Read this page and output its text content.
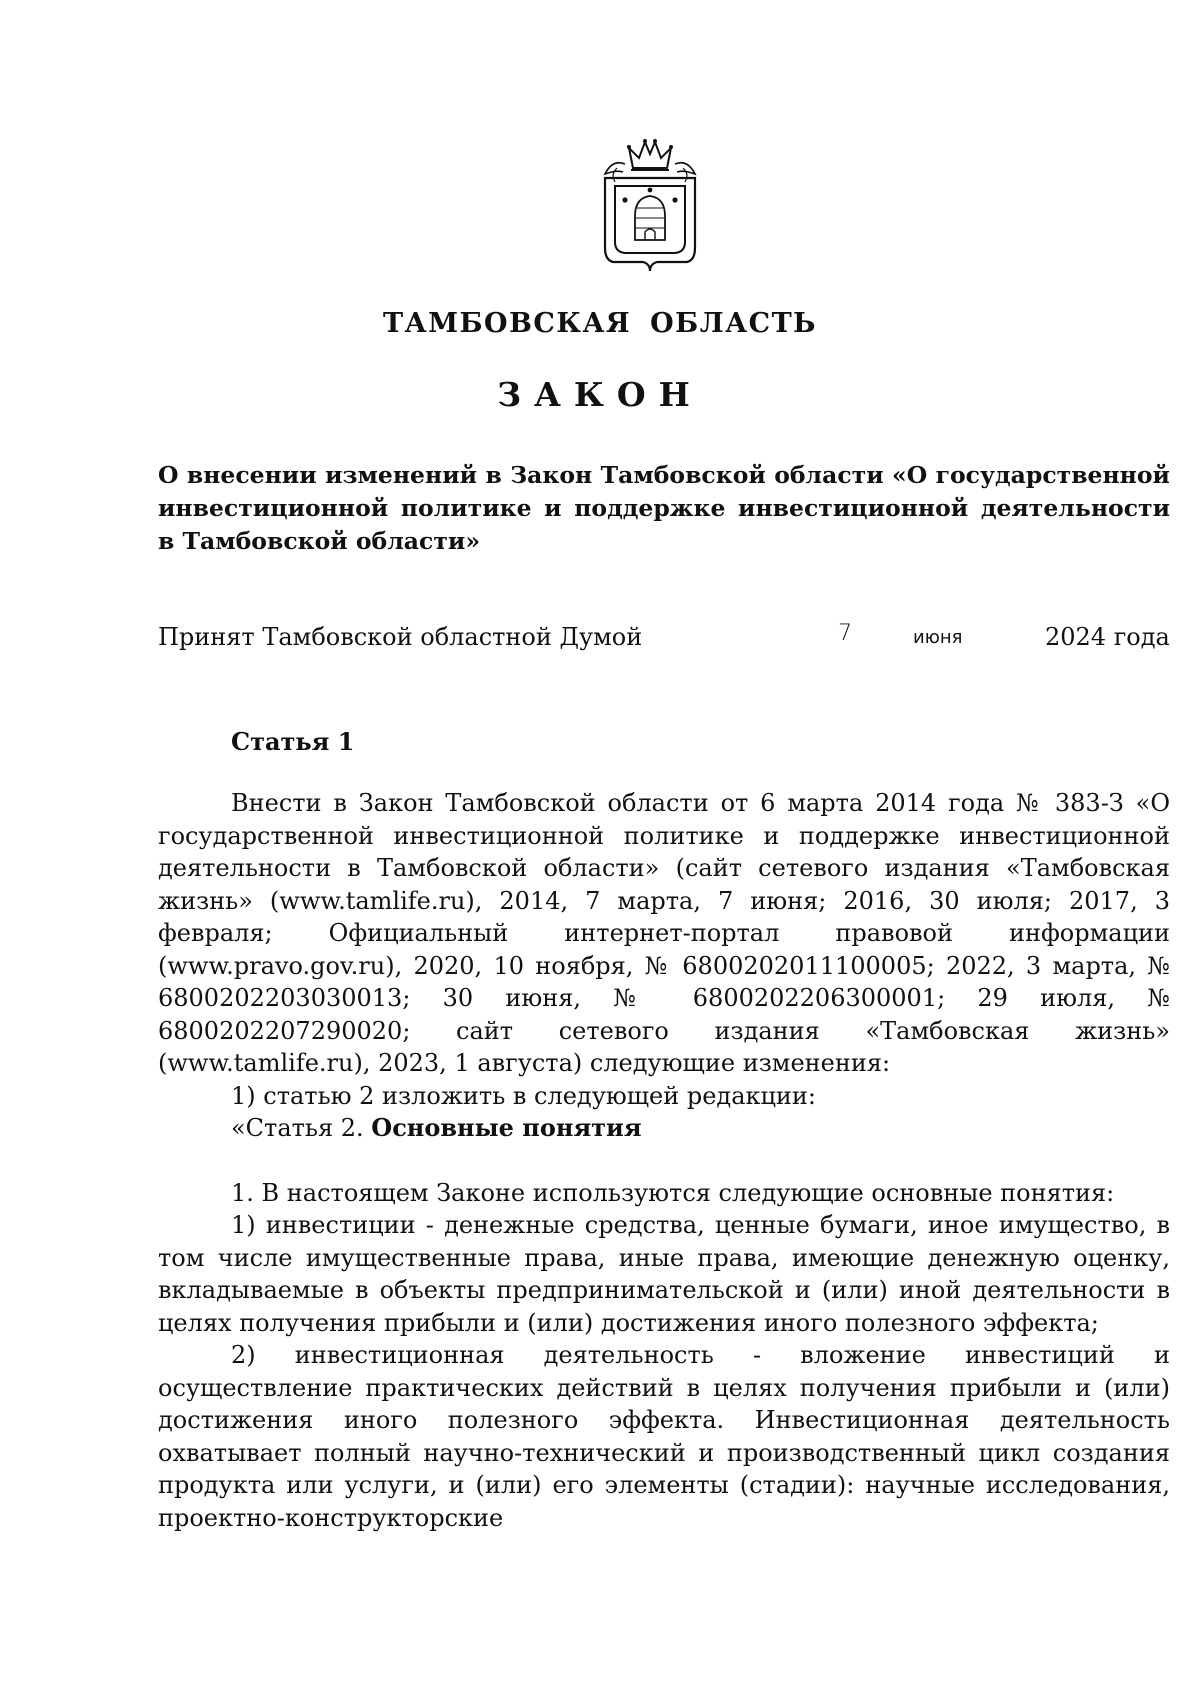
ТАМБОВСКАЯ ОБЛАСТЬ
ЗАКОН
О внесении изменений в Закон Тамбовской области «О государственной инвестиционной политике и поддержке инвестиционной деятельности в Тамбовской области»
Принят Тамбовской областной Думой	7	июня	2024 года
Статья 1

Внести в Закон Тамбовской области от 6 марта 2014 года № 383-З «О государственной инвестиционной политике и поддержке инвестиционной деятельности в Тамбовской области» (сайт сетевого издания «Тамбовская жизнь» (www.tamlife.ru), 2014, 7 марта, 7 июня; 2016, 30 июля; 2017, 3 февраля; Официальный интернет-портал правовой информации (www.pravo.gov.ru), 2020, 10 ноября, № 6800202011100005; 2022, 3 марта, № 6800202203030013; 30 июня, № 6800202206300001; 29 июля, № 6800202207290020; сайт сетевого издания «Тамбовская жизнь» (www.tamlife.ru), 2023, 1 августа) следующие изменения:

1) статью 2 изложить в следующей редакции:

«Статья 2. Основные понятия

1. В настоящем Законе используются следующие основные понятия:

1) инвестиции - денежные средства, ценные бумаги, иное имущество, в том числе имущественные права, иные права, имеющие денежную оценку, вкладываемые в объекты предпринимательской и (или) иной деятельности в целях получения прибыли и (или) достижения иного полезного эффекта;

2) инвестиционная деятельность - вложение инвестиций и осуществление практических действий в целях получения прибыли и (или) достижения иного полезного эффекта. Инвестиционная деятельность охватывает полный научно-технический и производственный цикл создания продукта или услуги, и (или) его элементы (стадии): научные исследования, проектно-конструкторские
